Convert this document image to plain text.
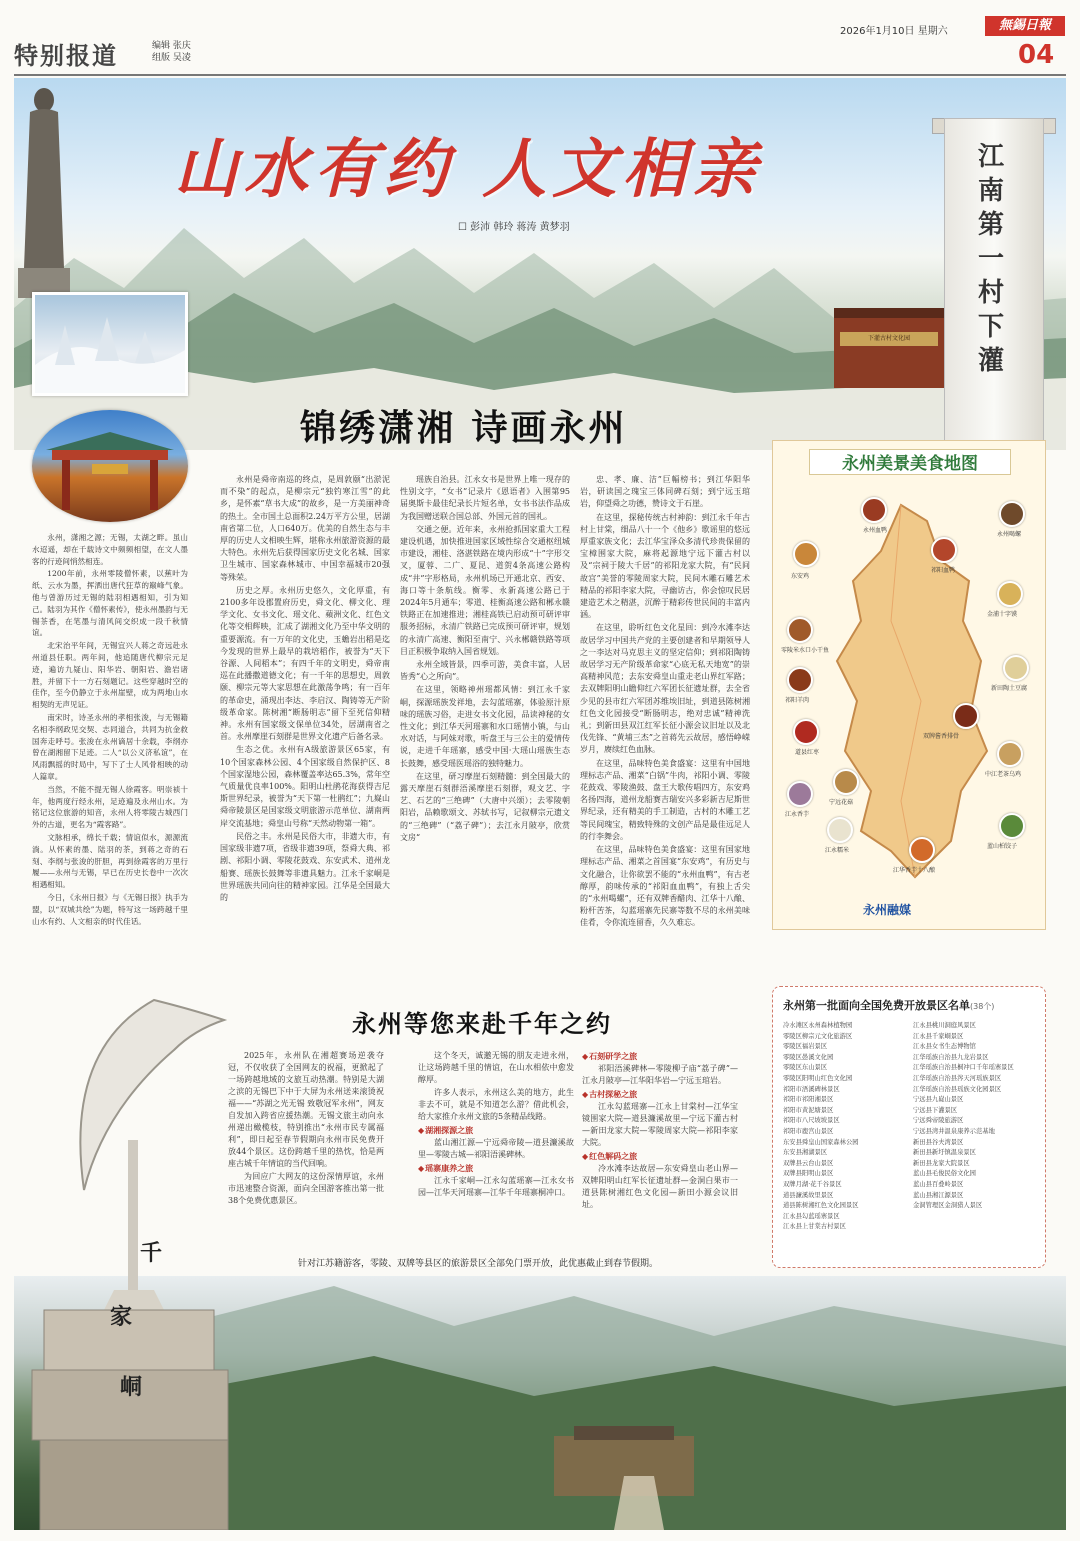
2026年1月10日 星期六	無錫日報
04
特别报道	编辑 张庆
组版 吴凌
山水有约 人文相亲
☐ 彭沛 韩玲 蒋涛 黄梦羽
下灌古村文化园
江南第一村 下灌
锦绣潇湘 诗画永州

永州，潇湘之源；无锡，太湖之畔。虽山水迢遥，却在千载诗文中频频相望，在文人墨客的行迹间悄然相连。

1200年前，永州零陵僧怀素，以蕉叶为纸、云水为墨，挥洒出唐代狂草的巅峰气象。他与曾游历过无锡的陆羽相遇相知，引为知己。陆羽为其作《僧怀素传》，使永州墨韵与无锡茶香，在笔墨与清风间交织成一段千秋情谊。

北宋治平年间，无锡宜兴人蒋之奇远赴永州道县任职。两年间，他追随唐代柳宗元足迹，遍访九疑山、阳华岩、朝阳岩、澹岩诸胜，并留下十一方石刻题记。这些穿越时空的佳作，至今仍静立于永州崖壁，成为两地山水相契的无声见证。

南宋时，诗圣永州的孝相张浚，与无锡籍名相李纲政见交契、志同道合，共同为抗金救国奔走呼号。张浚在永州谪居十余载，李纲亦曾在湖湘留下足迹。二人“以公义济私谊”，在风雨飘摇的时局中，写下了士人风骨相映的动人篇章。

当然，不能不提无锡人徐霞客。明崇祯十年，他两度行经永州，足迹遍及永州山水。为铭记这位旅游的知音，永州人将零陵古城西门外的古道，更名为“霞客路”。

文脉相承，绵长千载；情谊似水，源源流淌。从怀素的墨、陆羽的茶，到蒋之奇的石刻、李纲与张浚的肝胆，再到徐霞客的万里行履——永州与无锡，早已在历史长卷中一次次相遇相知。

今日，《永州日报》与《无锡日报》执手为盟，以“双城共绘”为题，特写这一场跨越千里山水有约、人文相亲的时代佳话。

永州是舜帝南巡的终点，是周敦颐“出淤泥而不染”的起点，是柳宗元“独钓寒江雪”的此乡，是怀素“草书大成”的故乡，是一方美丽神奇的热土。全市国土总面积2.24万平方公里，居湖南省第二位，人口640万。优美的自然生态与丰厚的历史人文相映生辉，堪称永州旅游资源的最大特色。永州先后获得国家历史文化名城、国家卫生城市、国家森林城市、中国幸福城市20强等殊荣。

历史之厚。永州历史悠久，文化厚重，有2100多年设郡置府历史，舜文化、柳文化、理学文化、女书文化、瑶文化、蘋洲文化、红色文化等交相辉映，汇成了湖湘文化乃至中华文明的重要源流。有一万年的文化史，玉蟾岩出稻是迄今发现的世界上最早的栽培稻作，被誉为“天下谷源、人间稻本”；有四千年的文明史，舜帝南巡在此播撒道德文化；有一千年的思想史，周敦颐、柳宗元等大家思想在此激荡争鸣；有一百年的革命史，涌现出李达、李启汉、陶铸等无产阶级革命家。陈树湘“断肠明志”留下至死信仰精神。永州有国家级文保单位34处，居湖南省之首。永州摩崖石刻群是世界文化遗产后备名录。

生态之优。永州有A级旅游景区65家，有10个国家森林公园、4个国家级自然保护区、8个国家湿地公园，森林覆盖率达65.3%，常年空气质量优良率100%。阳明山杜鹃花海获得吉尼斯世界纪录，被誉为“天下第一杜鹃红”；九嶷山舜帝陵景区是国家级文明旅游示范单位、湖南两岸交流基地；舜皇山号称“天然动物第一箱”。

民俗之丰。永州是民俗大市，非遗大市，有国家级非遗7项，省级非遗39项，祭舜大典、祁剧、祁阳小调、零陵花鼓戏、东安武术、道州龙船赛、瑶族长鼓舞等非遗具魅力。江永千家峒是世界瑶族共同向往的精神家园。江华是全国最大的

瑶族自治县。江永女书是世界上唯一现存的性别文字，“女书”记录片《恩语者》入围第95届奥斯卡最佳纪录长片短名单，女书书法作品成为我国赠送联合国总部、外国元首的国礼。

交通之便。近年来，永州抢抓国家重大工程建设机遇，加快推进国家区域性综合交通枢纽城市建设，湘桂、洛湛铁路在境内形成“十”字形交叉，厦蓉、二广、夏昆、道贺4条高速公路构成“井”字形格局，永州机场已开通北京、西安、海口等十条航线。衡零、永新高速公路已于2024年5月通车；零道、桂衡高速公路和郴永赣铁路正在加速推进；湘桂高铁已启动预可研评审服务招标，永清广铁路已完成预可研评审，规划的永清广高速、衡阳至南宁、兴永郴赣铁路等项目正积极争取纳入国省规划。

永州全域皆景，四季可游，美食丰富，人居皆秀“心之所向”。

在这里，领略神州瑶都风情：到江永千家峒，探源瑶族发祥地，去勾蓝瑶寨，体验原汁原味的瑶族习俗，走进女书文化园，品读神秘的女性文化；到江华天河瑶寨和水口瑶情小镇，与山水对话，与阿妹对歌，听盘王与三公主的爱情传说，走进千年瑶寨，感受中国·大瑶山瑶族生态长鼓舞，感受瑶医瑶浴的独特魅力。

在这里，研习摩崖石刻精髓：到全国最大的露天摩崖石刻群浯溪摩崖石刻群，观文艺、字艺、石艺的“三绝碑”（大唐中兴颂）；去零陵朝阳岩，品赖歌颂文、苏轼书写，记叙柳宗元遗文的“三绝碑”（“荔子碑”）；去江永月陂亭，欣赏文房“

忠、孝、廉、洁”巨幅榜书；到江华阳华岩，研读国之瑰宝三体同碑石刻；到宁远玉琯岩，仰望舜之功德，赞诗文于石崖。

在这里，探秘传统古村神韵：到江永千年古村上甘棠，细品八十一个《他乡》歌谣里的悠远厚重家族文化；去江华宝泽众多清代珍贵保留的宝樟围家大院，麻将起源地宁远下灌古村以及“宗祠于陵大千居”的祁阳龙家大院，有“民间故宫”美誉的零陵周家大院，民间木雕石雕艺术精品的祁阳李家大院，寻幽访古，你会惊叹民居建造艺术之精湛，沉醉于精彩传世民间的丰富内涵。

在这里，聆听红色文化星回：到冷水滩李达故居学习中国共产党的主要创建者和早期领导人之一李达对马克思主义的坚定信仰；到祁阳陶铸故居学习无产阶级革命家“心底无私天地宽”的崇高精神风范；去东安舜皇山重走老山界红军路；去双牌阳明山瞻仰红六军团长征遗址群，去全省少见的县市红六军团苏维埃旧址，到道县陈树湘红色文化园接受“断肠明志，绝对忠诚”精神洗礼；到新田县双江红军长征小源会议旧址以及北伐先锋、“黄埔三杰”之首蒋先云故居，感悟峥嵘岁月，赓续红色血脉。

在这里，品味特色美食盛宴：这里有中国地理标志产品、湘菜“白锅”牛肉，祁阳小调、零陵花鼓戏、零陵渔鼓、盘王大歌传唱四方，东安鸡名扬四海，道州龙船赛吉瑞安兴多彩新吉尼斯世界纪录，还有精美的手工制造，古村的木雕工艺等民间瑰宝，精致特殊的文创产品是最佳远足人的行李舞会。

在这里，品味特色美食盛宴：这里有国家地理标志产品、湘菜之首国宴“东安鸡”，有历史与文化融合，让你欲罢不能的“永州血鸭”，有古老醇厚，韵味传承的“祁阳血血鸭”，有独上舌尖的“永州喝螺”，还有双牌香醋肉、江华十八酿、粉杆苦茶，勾蓝瑶寨先民寨等数不尽的永州美味佳肴，令你流连留香，久久难忘。

永州美景美食地图
东安鸡
永州血鸭
祁阳血鸭
永州喝螺
金浦十字馍
零陵米水口小干鱼
新田陶土豆腐
祁阳羊肉
双牌酱香排骨
道县红枣
中江老茶乌鸡
江永香芋
江永糯米
蓝山柏饺子
宁远花菇
江华香芋十八酿
永州融媒
永州第一批面向全国免费开放景区名单(38个)
冷水滩区永州森林植物园
零陵区柳宗元文化旅游区
零陵区福岩景区
零陵区愚溪文化园
零陵区东山景区
零陵区阳明山红色文化园
祁阳市浯溪碑林景区
祁阳市祁阳湘景区
祁阳市黄泥塘景区
祁阳市八尺坡坡景区
祁阳市鹿宫山景区
东安县舜皇山国家森林公园
东安县湘湖景区
双牌县云台山景区
双牌县阳明山景区
双牌月湖·花千谷景区
道县濂溪故里景区
道县陈树湘红色文化园景区
江永县勾蓝瑶寨景区
江永县上甘棠古村景区
江永县桃川洞庭风景区
江永县千家峒景区
江永县女书生态博物馆
江华瑶族自治县九龙岩景区
江华瑶族自治县桐冲口千年瑶寨景区
江华瑶族自治县涔天河瑶族景区
江华瑶族自治县瑶族文化园景区
宁远县九嶷山景区
宁远县下灌景区
宁远舜帝陵旅游区
宁远县湾井温泉康养示范基地
新田县谷夫湾景区
新田县新圩镇温泉景区
新田县龙家大院景区
蓝山县毛俊民俗文化园
蓝山县百叠岭景区
蓝山县湘江源景区
金洞管理区金洞猎人景区
永州等您来赴千年之约

2025年，永州队在湘超赛场逆袭夺冠，不仅收获了全国网友的祝福，更掀起了一场跨越地域的文旅互动热潮。特别是大湖之滨的无锡巴下中于大屏为永州送来滚烫祝福——“苏湖之光无锡 致敬冠军永州”，网友自发加入跨省应援热潮。无锡文旅主动向永州递出橄榄枝，特别推出“永州市民专属福利”，即日起至春节假期向永州市民免费开放44个景区。这份跨越千里的热忱，恰是两座古城千年情谊的当代回响。

为回应广大网友的这份深情厚谊，永州市迅速整合资源，面向全国游客推出第一批38个免费优惠景区。

这个冬天，诚邀无锡的朋友走进永州，让这场跨越千里的情谊，在山水相依中愈发醇厚。

许多人表示，永州这么美的地方，此生非去不可，就是不知道怎么游？借此机会，给大家推介永州文旅的5条精品线路。

◆ 湖湘探源之旅

蓝山湘江源—宁远舜帝陵—道县濂溪故里—零陵古城—祁阳浯溪碑林。

◆ 瑶寨康养之旅

江永千家峒—江永勾蓝瑶寨—江永女书园—江华天河瑶寨—江华千年瑶寨桐冲口。

◆ 石刻研学之旅

祁阳浯溪碑林—零陵柳子庙“荔子碑”—江永月陂亭—江华阳华岩—宁远玉琯岩。

◆ 古村探秘之旅

江永勾蓝瑶寨—江永上甘棠村—江华宝镜围家大院—道县濂溪故里—宁远下灌古村—新田龙家大院—零陵周家大院—祁阳李家大院。

◆ 红色解码之旅

冷水滩李达故居—东安舜皇山老山界—双牌阳明山红军长征遗址群—金洞白果市一道县陈树湘红色文化园—新田小源会议旧址。

针对江苏籍游客，零陵、双牌等县区的旅游景区全部免门票开放，此优惠截止到春节假期。
千
家
峒
